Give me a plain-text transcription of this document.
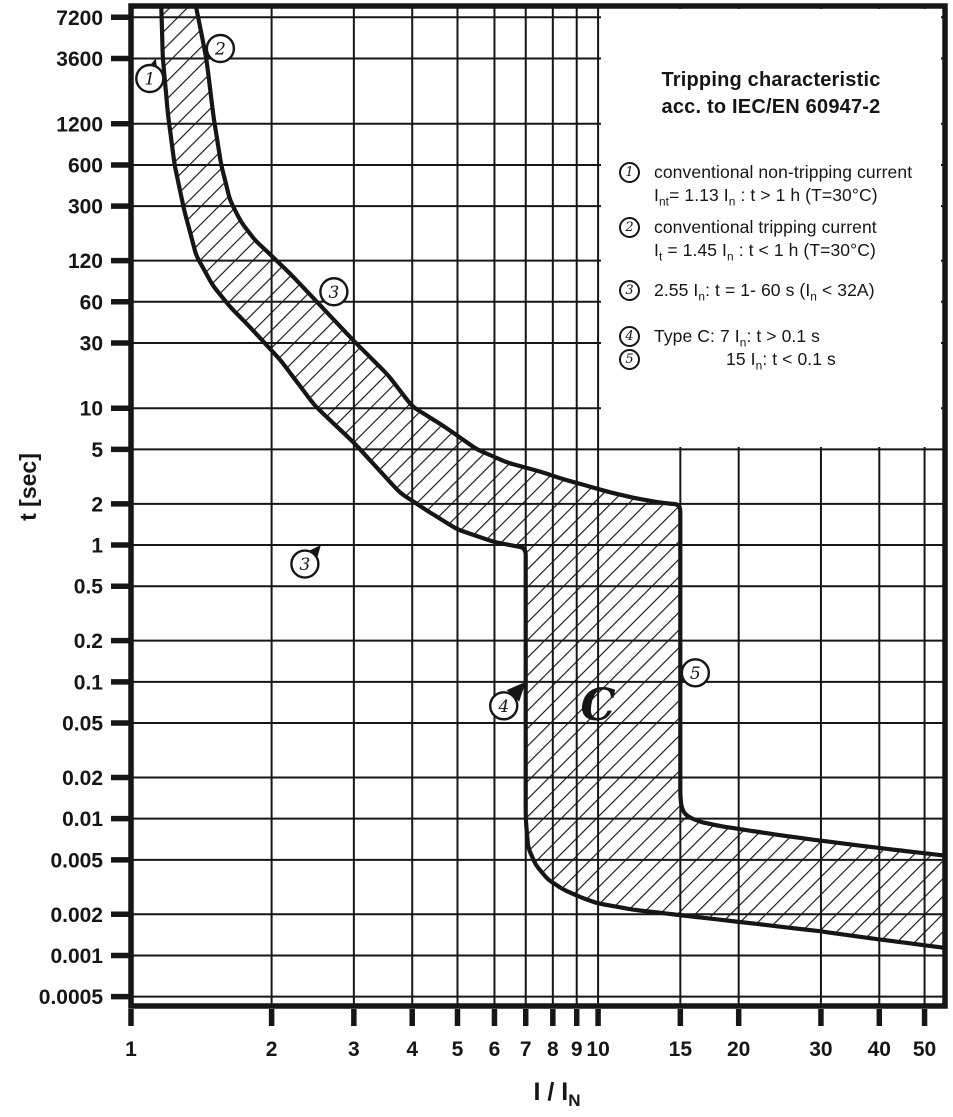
7200
3600
1200
600
300
120
60
30
10
5
2
1
0.5
0.2
0.1
0.05
0.02
0.01
0.005
0.002
0.001
0.0005
1	2	3 4 5 6 7 8 9 10	15 20	30 40 50
C
t [sec]
1
2
3
3
4
5
Tripping characteristic
acc. to IEC/EN 60947-2
1	conventional non-tripping current
$I_{nt}= 1.13$ $I_n$ : t > 1 h (T=30°C)
2	conventional tripping current
$I_t = 1.45$ $I_n$ : t < 1 h (T=30°C)
3	2.55 $I_n$: t = 1- 60 s $(I_n < 32A)$
4	Type C: 7 $I_n$: t > 0.1 s
5	15 $I_n$: t < 0.1 s
I / $I_N$
